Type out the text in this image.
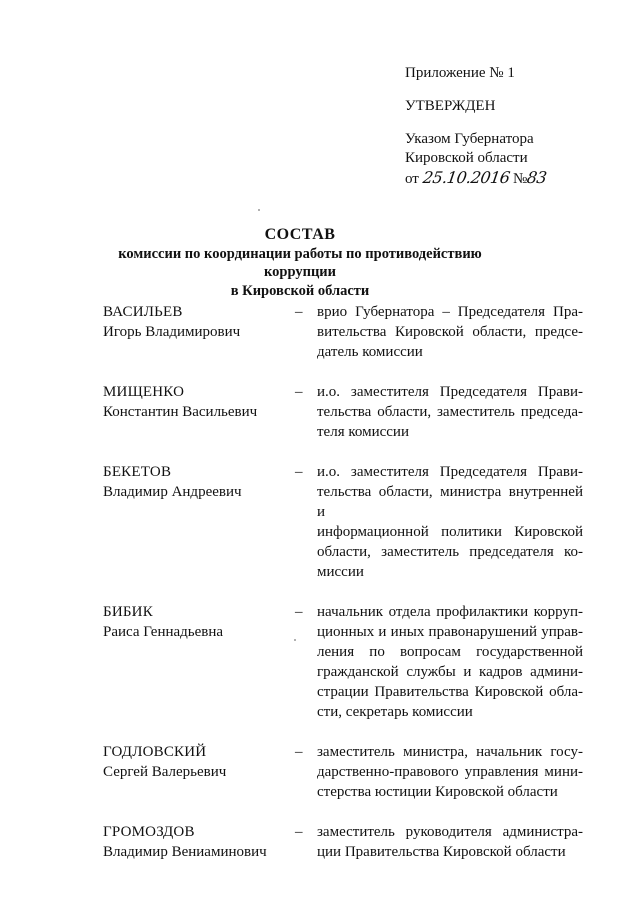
Приложение № 1
УТВЕРЖДЕН
Указом Губернатора
Кировской области
от 25.10.2016 №83
СОСТАВ
комиссии по координации работы по противодействию коррупции
в Кировской области
ВАСИЛЬЕВ
Игорь Владимирович
– врио Губернатора – Председателя Пра-
вительства Кировской области, предсе-
датель комиссии
МИЩЕНКО
Константин Васильевич
– и.о. заместителя Председателя Прави-
тельства области, заместитель председа-
теля комиссии
БЕКЕТОВ
Владимир Андреевич
– и.о. заместителя Председателя Прави-
тельства области, министра внутренней и
информационной политики Кировской
области, заместитель председателя ко-
миссии
БИБИК
Раиса Геннадьевна
– начальник отдела профилактики корруп-
ционных и иных правонарушений управ-
ления по вопросам государственной
гражданской службы и кадров админи-
страции Правительства Кировской обла-
сти, секретарь комиссии
ГОДЛОВСКИЙ
Сергей Валерьевич
– заместитель министра, начальник госу-
дарственно-правового управления мини-
стерства юстиции Кировской области
ГРОМОЗДОВ
Владимир Вениаминович
– заместитель руководителя администра-
ции Правительства Кировской области
